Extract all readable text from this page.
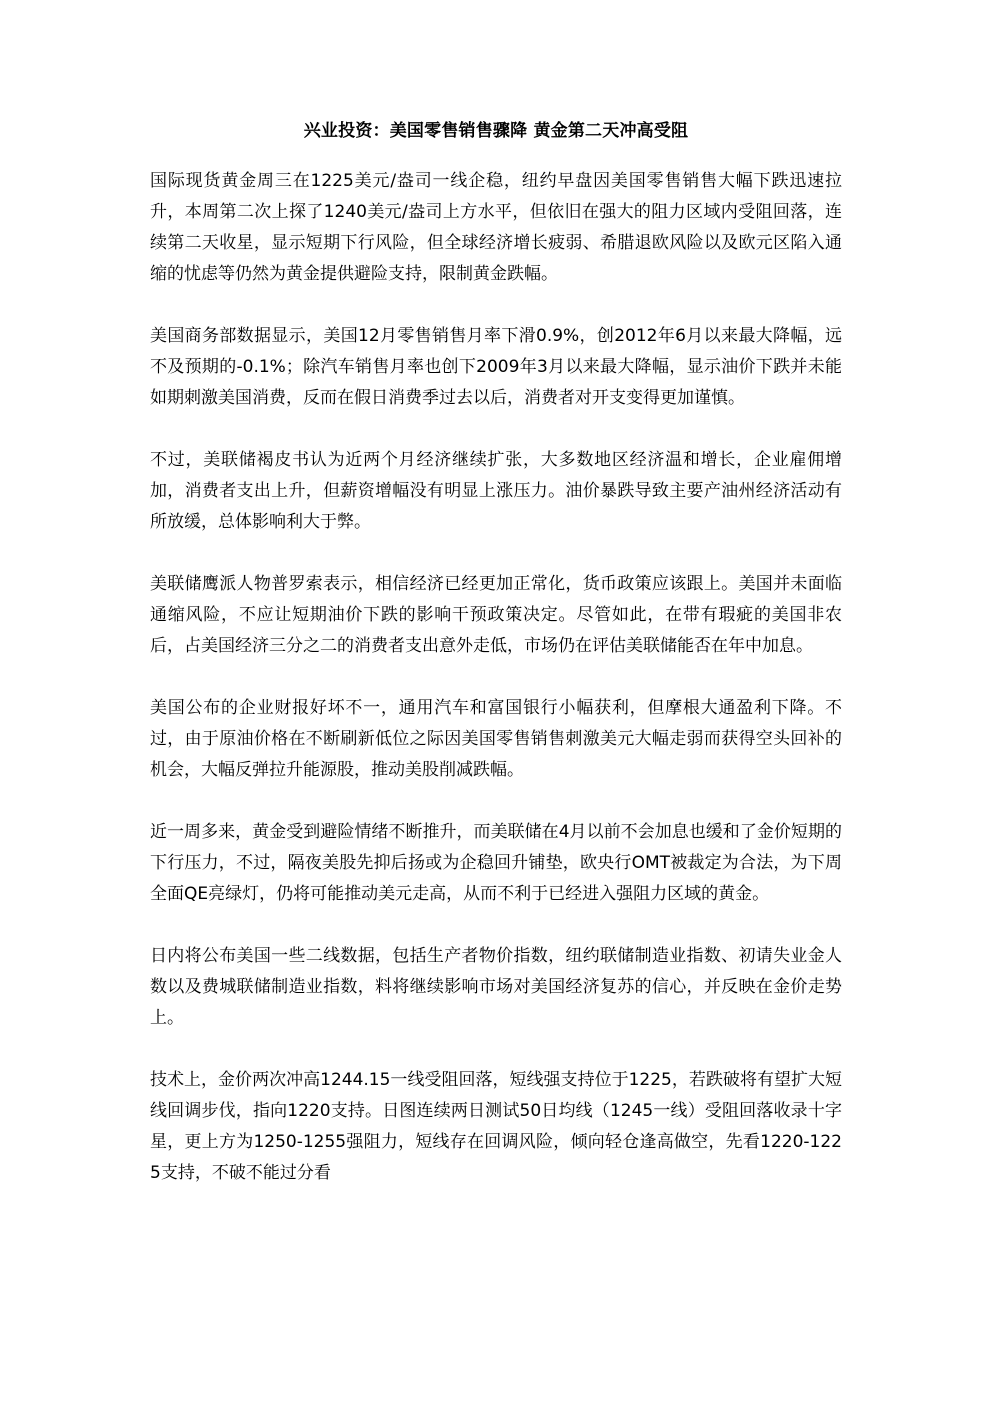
兴业投资：美国零售销售骤降 黄金第二天冲高受阻

国际现货黄金周三在1225美元/盎司一线企稳，纽约早盘因美国零售销售大幅下跌迅速拉升，本周第二次上探了1240美元/盎司上方水平，但依旧在强大的阻力区域内受阻回落，连续第二天收星，显示短期下行风险，但全球经济增长疲弱、希腊退欧风险以及欧元区陷入通缩的忧虑等仍然为黄金提供避险支持，限制黄金跌幅。

美国商务部数据显示，美国12月零售销售月率下滑0.9%，创2012年6月以来最大降幅，远不及预期的-0.1%；除汽车销售月率也创下2009年3月以来最大降幅，显示油价下跌并未能如期刺激美国消费，反而在假日消费季过去以后，消费者对开支变得更加谨慎。

不过，美联储褐皮书认为近两个月经济继续扩张，大多数地区经济温和增长，企业雇佣增加，消费者支出上升，但薪资增幅没有明显上涨压力。油价暴跌导致主要产油州经济活动有所放缓，总体影响利大于弊。

美联储鹰派人物普罗索表示，相信经济已经更加正常化，货币政策应该跟上。美国并未面临通缩风险，不应让短期油价下跌的影响干预政策决定。尽管如此，在带有瑕疵的美国非农后，占美国经济三分之二的消费者支出意外走低，市场仍在评估美联储能否在年中加息。

美国公布的企业财报好坏不一，通用汽车和富国银行小幅获利，但摩根大通盈利下降。不过，由于原油价格在不断刷新低位之际因美国零售销售刺激美元大幅走弱而获得空头回补的机会，大幅反弹拉升能源股，推动美股削减跌幅。

近一周多来，黄金受到避险情绪不断推升，而美联储在4月以前不会加息也缓和了金价短期的下行压力，不过，隔夜美股先抑后扬或为企稳回升铺垫，欧央行OMT被裁定为合法，为下周全面QE亮绿灯，仍将可能推动美元走高，从而不利于已经进入强阻力区域的黄金。

日内将公布美国一些二线数据，包括生产者物价指数，纽约联储制造业指数、初请失业金人数以及费城联储制造业指数，料将继续影响市场对美国经济复苏的信心，并反映在金价走势上。

技术上，金价两次冲高1244.15一线受阻回落，短线强支持位于1225，若跌破将有望扩大短线回调步伐，指向1220支持。日图连续两日测试50日均线（1245一线）受阻回落收录十字星，更上方为1250-1255强阻力，短线存在回调风险，倾向轻仓逢高做空，先看1220-1225支持，不破不能过分看
